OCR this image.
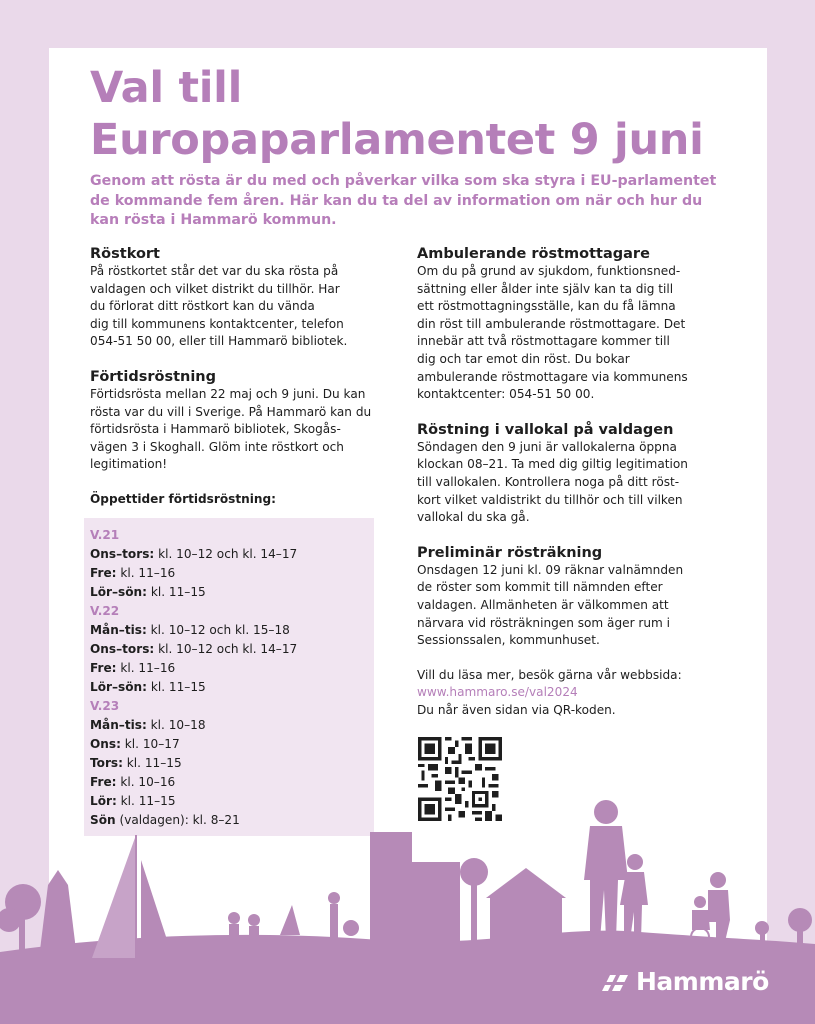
Val till
Europaparlamentet 9 juni

Genom att rösta är du med och påverkar vilka som ska styra i EU-parlamentet de kommande fem åren. Här kan du ta del av information om när och hur du kan rösta i Hammarö kommun.

Röstkort

På röstkortet står det var du ska rösta på

valdagen och vilket distrikt du tillhör. Har

du förlorat ditt röstkort kan du vända

dig till kommunens kontaktcenter, telefon

054-51 50 00, eller till Hammarö bibliotek.

Förtidsröstning

Förtidsrösta mellan 22 maj och 9 juni. Du kan

rösta var du vill i Sverige. På Hammarö kan du

förtidsrösta i Hammarö bibliotek, Skogås-

vägen 3 i Skoghall. Glöm inte röstkort och

legitimation!

Öppettider förtidsröstning:

V.21
Ons–tors: kl. 10–12 och kl. 14–17
Fre: kl. 11–16
Lör–sön: kl. 11–15
V.22
Mån–tis: kl. 10–12 och kl. 15–18
Ons–tors: kl. 10–12 och kl. 14–17
Fre: kl. 11–16
Lör–sön: kl. 11–15
V.23
Mån–tis: kl. 10–18
Ons: kl. 10–17
Tors: kl. 11–15
Fre: kl. 10–16
Lör: kl. 11–15
Sön (valdagen): kl. 8–21
Ambulerande röstmottagare

Om du på grund av sjukdom, funktionsned-

sättning eller ålder inte själv kan ta dig till

ett röstmottagningsställe, kan du få lämna

din röst till ambulerande röstmottagare. Det

innebär att två röstmottagare kommer till

dig och tar emot din röst. Du bokar

ambulerande röstmottagare via kommunens

kontaktcenter: 054-51 50 00.

Röstning i vallokal på valdagen

Söndagen den 9 juni är vallokalerna öppna

klockan 08–21. Ta med dig giltig legitimation

till vallokalen. Kontrollera noga på ditt röst-

kort vilket valdistrikt du tillhör och till vilken

vallokal du ska gå.

Preliminär rösträkning

Onsdagen 12 juni kl. 09 räknar valnämnden

de röster som kommit till nämnden efter

valdagen. Allmänheten är välkommen att

närvara vid rösträkningen som äger rum i

Sessionssalen, kommunhuset.

Vill du läsa mer, besök gärna vår webbsida:

www.hammaro.se/val2024

Du når även sidan via QR-koden.

Hammarö
